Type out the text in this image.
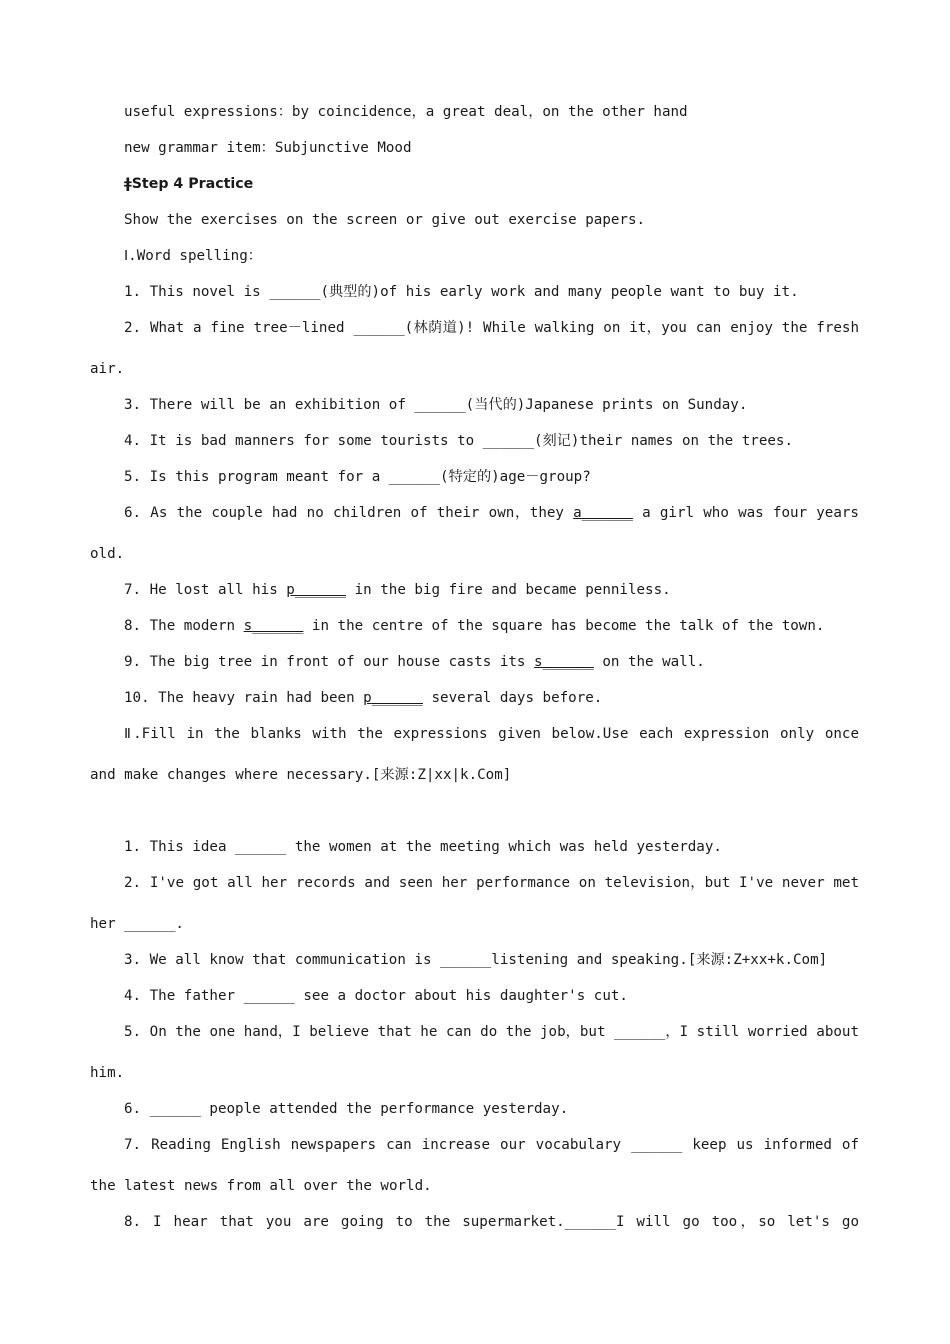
useful expressions：by coincidence，a great deal，on the other hand
new grammar item：Subjunctive Mood
ǂStep 4 Practice
Show the exercises on the screen or give out exercise papers.
Ⅰ.Word spelling：
1. This novel is ______(典型的)of his early work and many people want to buy it.
2. What a fine tree－lined ______(林荫道)! While walking on it，you can enjoy the fresh
air.
3. There will be an exhibition of ______(当代的)Japanese prints on Sunday.
4. It is bad manners for some tourists to ______(刻记)their names on the trees.
5. Is this program meant for a ______(特定的)age－group?
6. As the couple had no children of their own，they a______ a girl who was four years
old.
7. He lost all his p______ in the big fire and became penniless.
8. The modern s______ in the centre of the square has become the talk of the town.
9. The big tree in front of our house casts its s______ on the wall.
10. The heavy rain had been p______ several days before.
Ⅱ.Fill in the blanks with the expressions given below.Use each expression only once
and make changes where necessary.[来源:Z|xx|k.Com]
1. This idea ______ the women at the meeting which was held yesterday.
2. I've got all her records and seen her performance on television，but I've never met
her ______.
3. We all know that communication is ______listening and speaking.[来源:Z+xx+k.Com]
4. The father ______ see a doctor about his daughter's cut.
5. On the one hand，I believe that he can do the job，but ______，I still worried about
him.
6. ______ people attended the performance yesterday.
7. Reading English newspapers can increase our vocabulary ______ keep us informed of
the latest news from all over the world.
8. I hear that you are going to the supermarket.______I will go too，so let's go
